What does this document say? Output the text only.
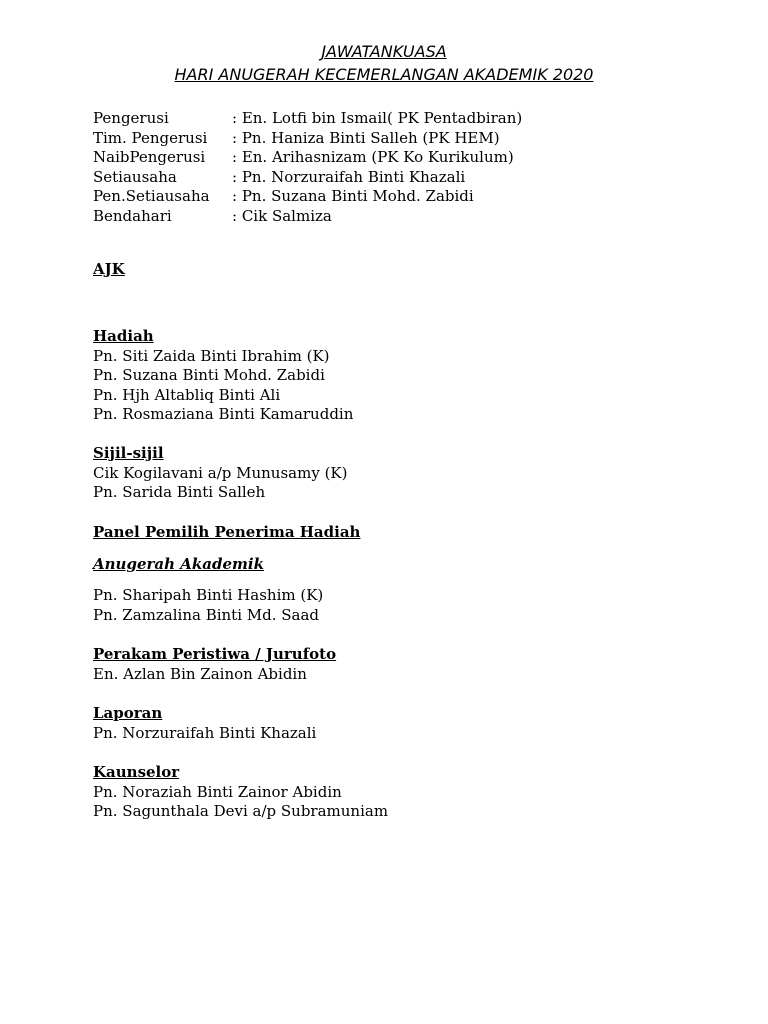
JAWATANKUASA
HARI ANUGERAH KECEMERLANGAN AKADEMIK 2020
Pengerusi	: En. Lotfi bin Ismail( PK Pentadbiran)
Tim. Pengerusi	: Pn. Haniza Binti Salleh (PK HEM)
NaibPengerusi	: En. Arihasnizam (PK Ko Kurikulum)
Setiausaha	: Pn. Norzuraifah Binti Khazali
Pen.Setiausaha	: Pn. Suzana Binti Mohd. Zabidi
Bendahari	: Cik Salmiza
AJK
Hadiah
Pn. Siti Zaida Binti Ibrahim (K)
Pn. Suzana Binti Mohd. Zabidi
Pn. Hjh Altabliq Binti Ali
Pn. Rosmaziana Binti Kamaruddin
Sijil-sijil
Cik Kogilavani a/p Munusamy (K)
Pn. Sarida Binti Salleh
Panel Pemilih Penerima Hadiah
Anugerah Akademik
Pn. Sharipah Binti Hashim (K)
Pn. Zamzalina Binti Md. Saad
Perakam Peristiwa / Jurufoto
En. Azlan Bin Zainon Abidin
Laporan
Pn. Norzuraifah Binti Khazali
Kaunselor
Pn. Noraziah Binti Zainor Abidin
Pn. Sagunthala Devi a/p Subramuniam
